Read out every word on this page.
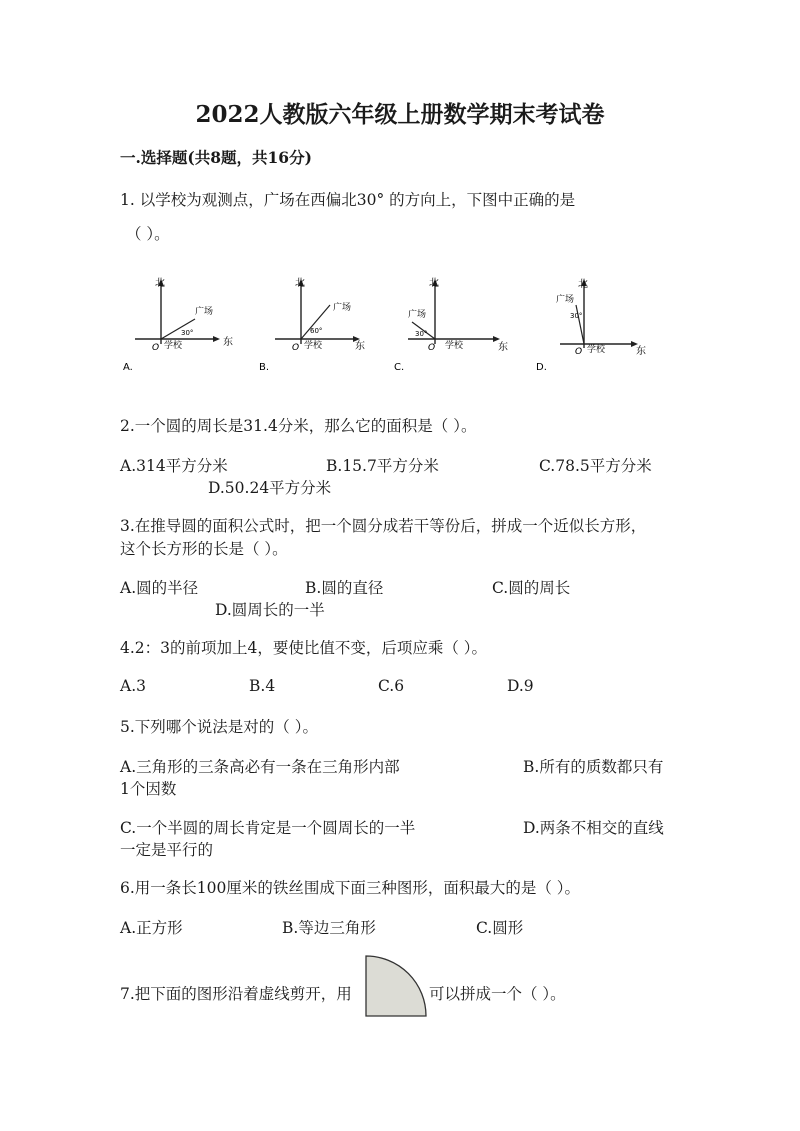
2022人教版六年级上册数学期末考试卷
一.选择题(共8题，共16分)
1. 以学校为观测点，广场在西偏北30° 的方向上，下图中正确的是
（ ）。
北
东
O 学校
广场
30°
A.
北
东
O 学校
广场
60°
B.
北
东
O 学校
广场
30°
C.
北
东
O 学校
广场
30°
D.
2.一个圆的周长是31.4分米，那么它的面积是（ ）。
A.314平方分米	B.15.7平方分米	C.78.5平方分米
D.50.24平方分米
3.在推导圆的面积公式时，把一个圆分成若干等份后，拼成一个近似长方形，
这个长方形的长是（ ）。
A.圆的半径	B.圆的直径	C.圆的周长
D.圆周长的一半
4.2：3的前项加上4，要使比值不变，后项应乘（ ）。
A.3	B.4	C.6	D.9
5.下列哪个说法是对的（ ）。
A.三角形的三条高必有一条在三角形内部	B.所有的质数都只有
1个因数
C.一个半圆的周长肯定是一个圆周长的一半	D.两条不相交的直线
一定是平行的
6.用一条长100厘米的铁丝围成下面三种图形，面积最大的是（ ）。
A.正方形	B.等边三角形	C.圆形
7.把下面的图形沿着虚线剪开，用	可以拼成一个（ ）。
